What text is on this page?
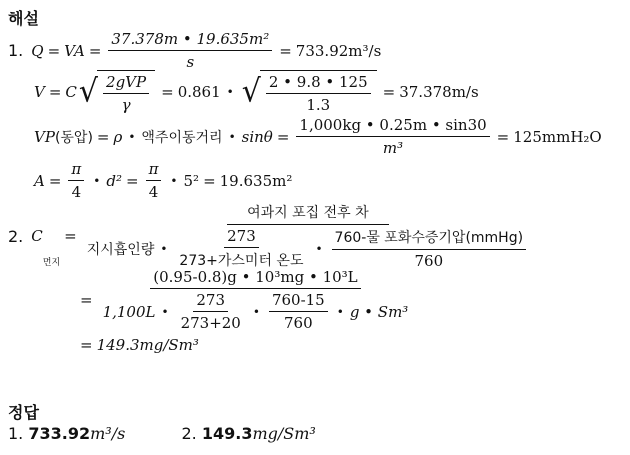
해설
1. Q = VA = $\frac{\text{37.378m • 19.635m²}}{s} = 733.92m^3/s$
V = C √ $\frac{\text{2gVP}}{\gamma} = 0.861$ • √ $\frac{2 • 9.8 • 125}{1.3} = 37.378m/s$
VP (동압) = ρ • 액주이동거리 • $\sin\theta = \frac{1,000kg • 0.25m • \sin 30}{\text{m³}} = 125mmH_2O$
$A = \frac{\pi}{4}$ • $d^2 = \frac{\pi}{4}$ • 5² = 19.635m²
2. C
먼지
=
여과지 포집 전후 차
지시흡인량 • $\frac{273}{\text{273+가스미터 온도}}$ • $\frac{\text{760-물 포화수증기압(mmHg)}}{760}$
=
(0.95-0.8)g • 10³mg • 10³L
1,100L • $\frac{273}{273+20}$ • $\frac{760-15}{760}$ • g • Sm³
= 149.3mg/Sm³
정답
1. 733.92m³/s	2. 149.3mg/Sm³
